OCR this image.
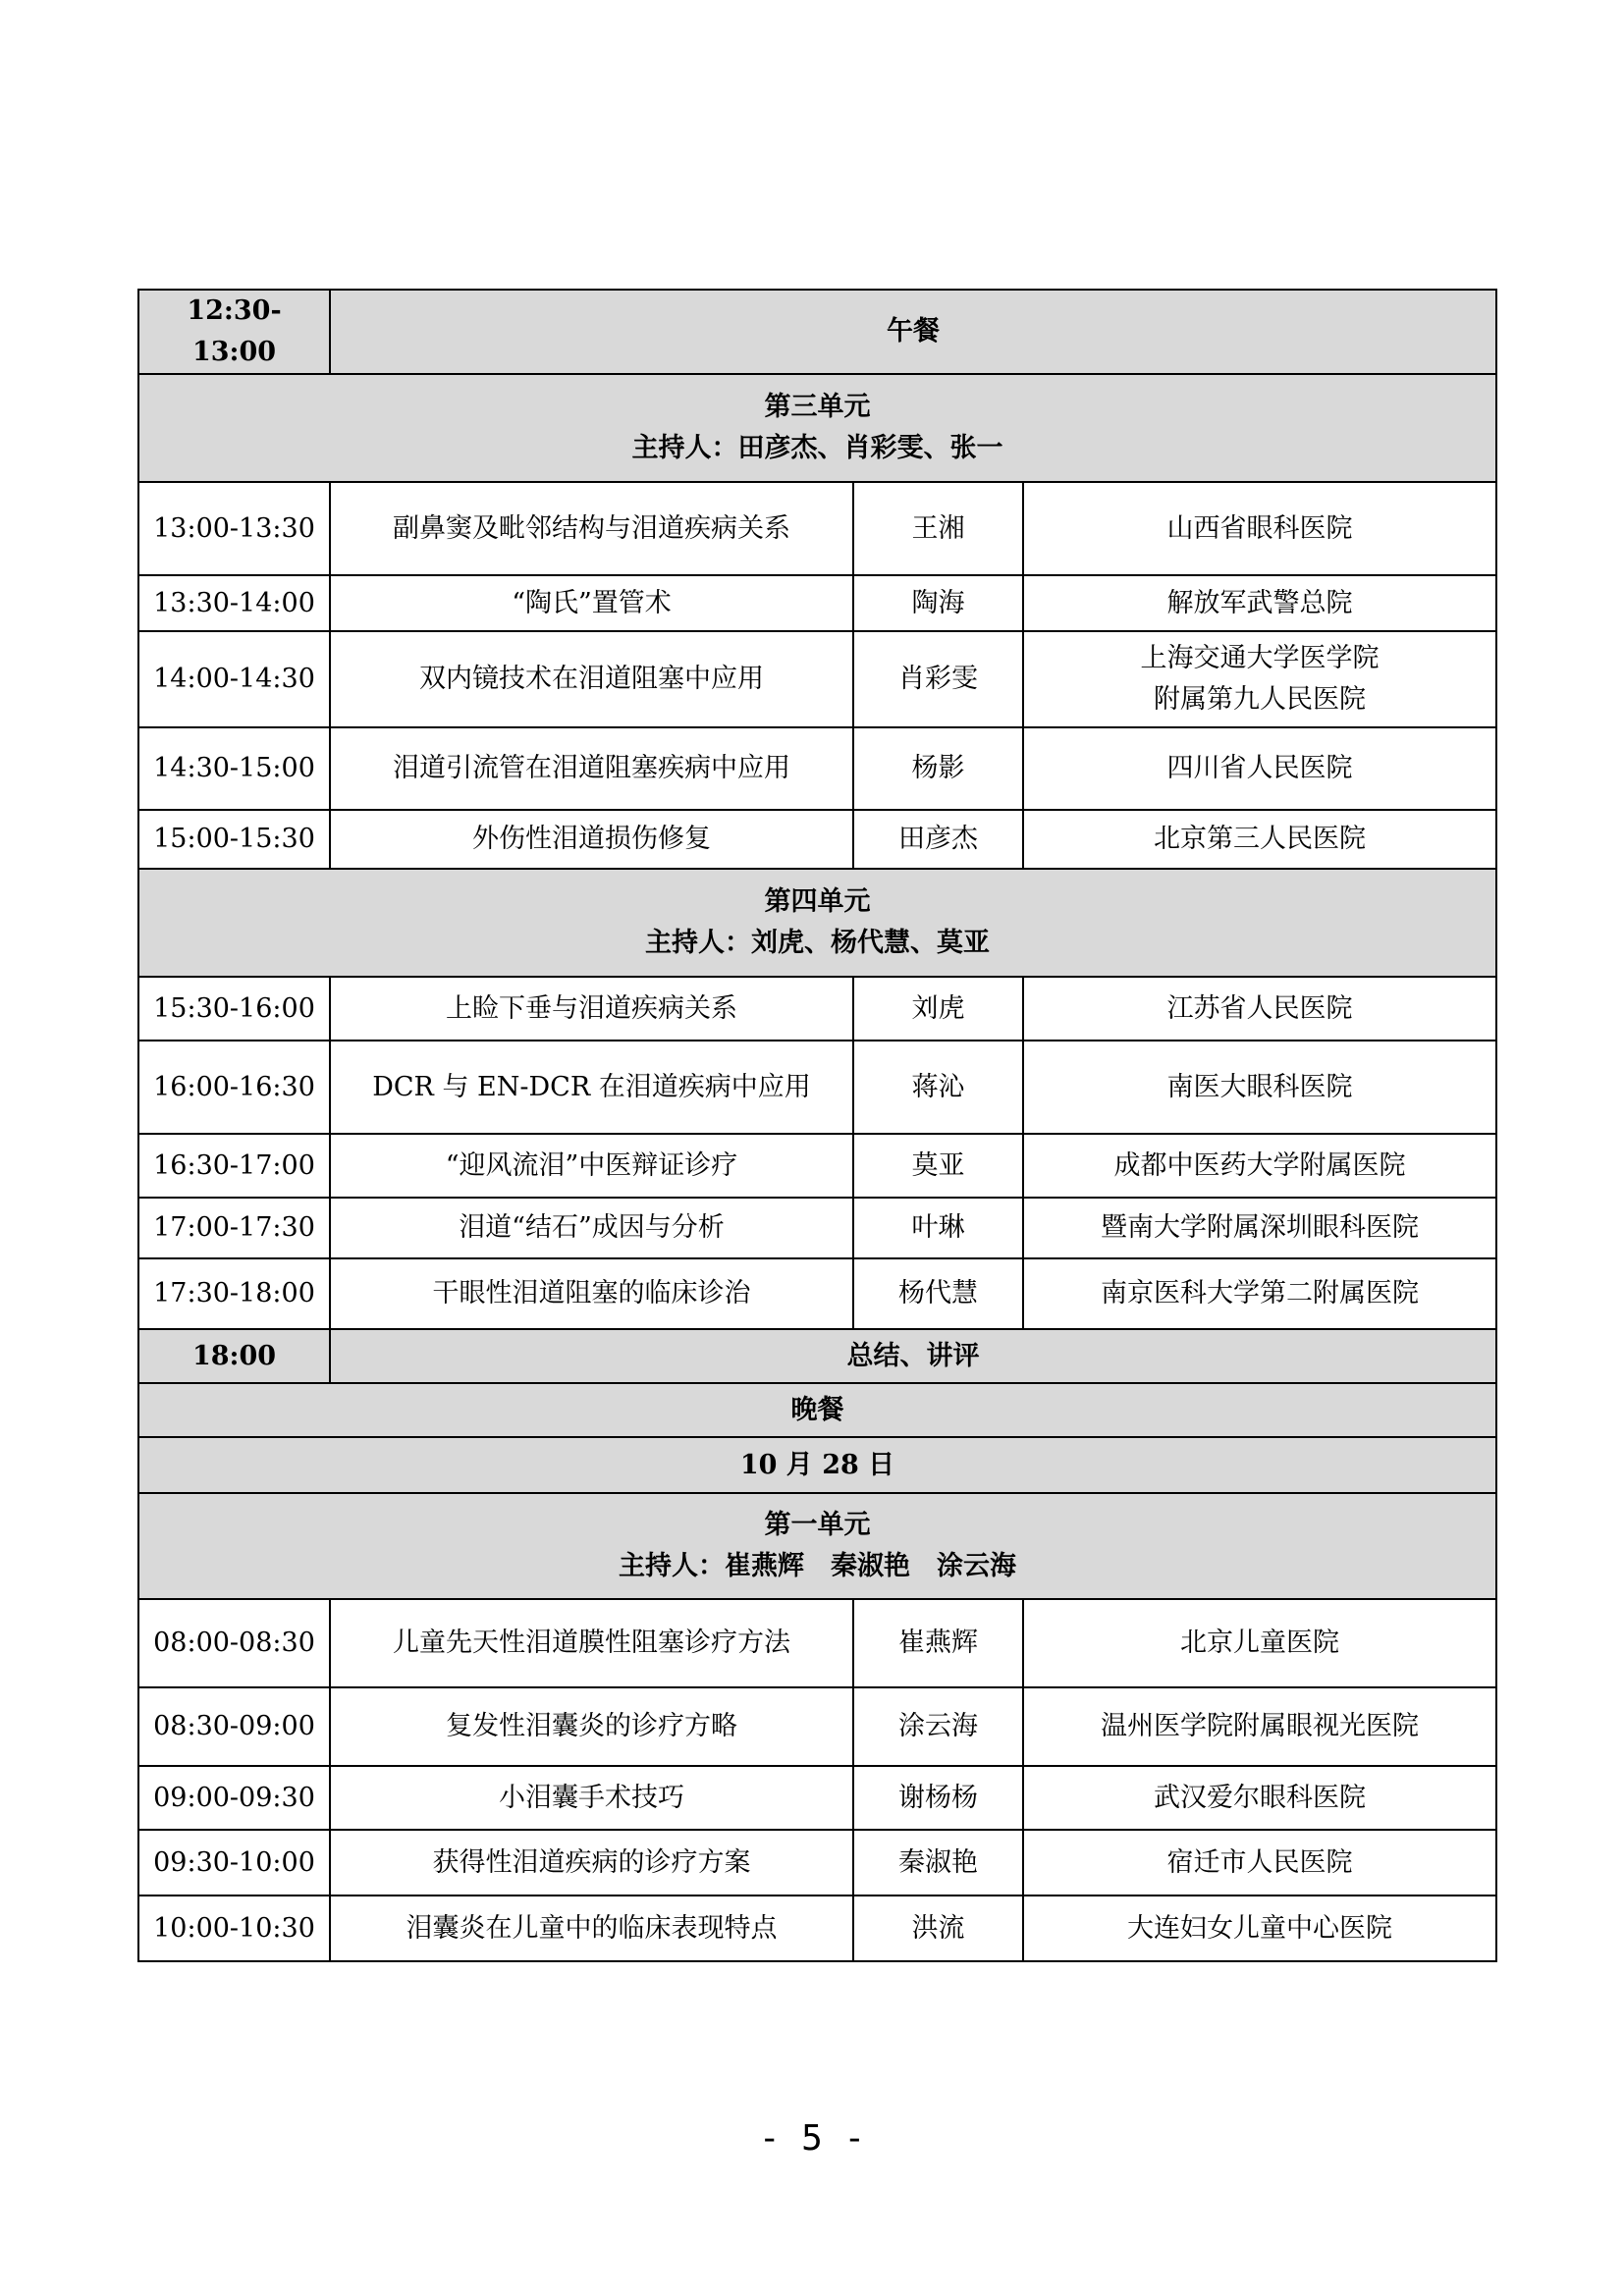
12:30-13:00	午餐		

第三单元
主持人：田彦杰、肖彩雯、张一			

13:00-13:30	副鼻窦及毗邻结构与泪道疾病关系	王湘	山西省眼科医院
13:30-14:00	“陶氏”置管术	陶海	解放军武警总院
14:00-14:30	双内镜技术在泪道阻塞中应用	肖彩雯	上海交通大学医学院
附属第九人民医院

14:30-15:00	泪道引流管在泪道阻塞疾病中应用	杨影	四川省人民医院
15:00-15:30	外伤性泪道损伤修复	田彦杰	北京第三人民医院

第四单元
主持人：刘虎、杨代慧、莫亚			

15:30-16:00	上睑下垂与泪道疾病关系	刘虎	江苏省人民医院
16:00-16:30	DCR 与 EN-DCR 在泪道疾病中应用	蒋沁	南医大眼科医院
16:30-17:00	“迎风流泪”中医辩证诊疗	莫亚	成都中医药大学附属医院
17:00-17:30	泪道“结石”成因与分析	叶琳	暨南大学附属深圳眼科医院
17:30-18:00	干眼性泪道阻塞的临床诊治	杨代慧	南京医科大学第二附属医院
18:00	总结、讲评		
晚餐			
10 月 28 日			

第一单元
主持人：崔燕辉　秦淑艳　涂云海			

08:00-08:30	儿童先天性泪道膜性阻塞诊疗方法	崔燕辉	北京儿童医院
08:30-09:00	复发性泪囊炎的诊疗方略	涂云海	温州医学院附属眼视光医院
09:00-09:30	小泪囊手术技巧	谢杨杨	武汉爱尔眼科医院
09:30-10:00	获得性泪道疾病的诊疗方案	秦淑艳	宿迁市人民医院
10:00-10:30	泪囊炎在儿童中的临床表现特点	洪流	大连妇女儿童中心医院
- 5 -
